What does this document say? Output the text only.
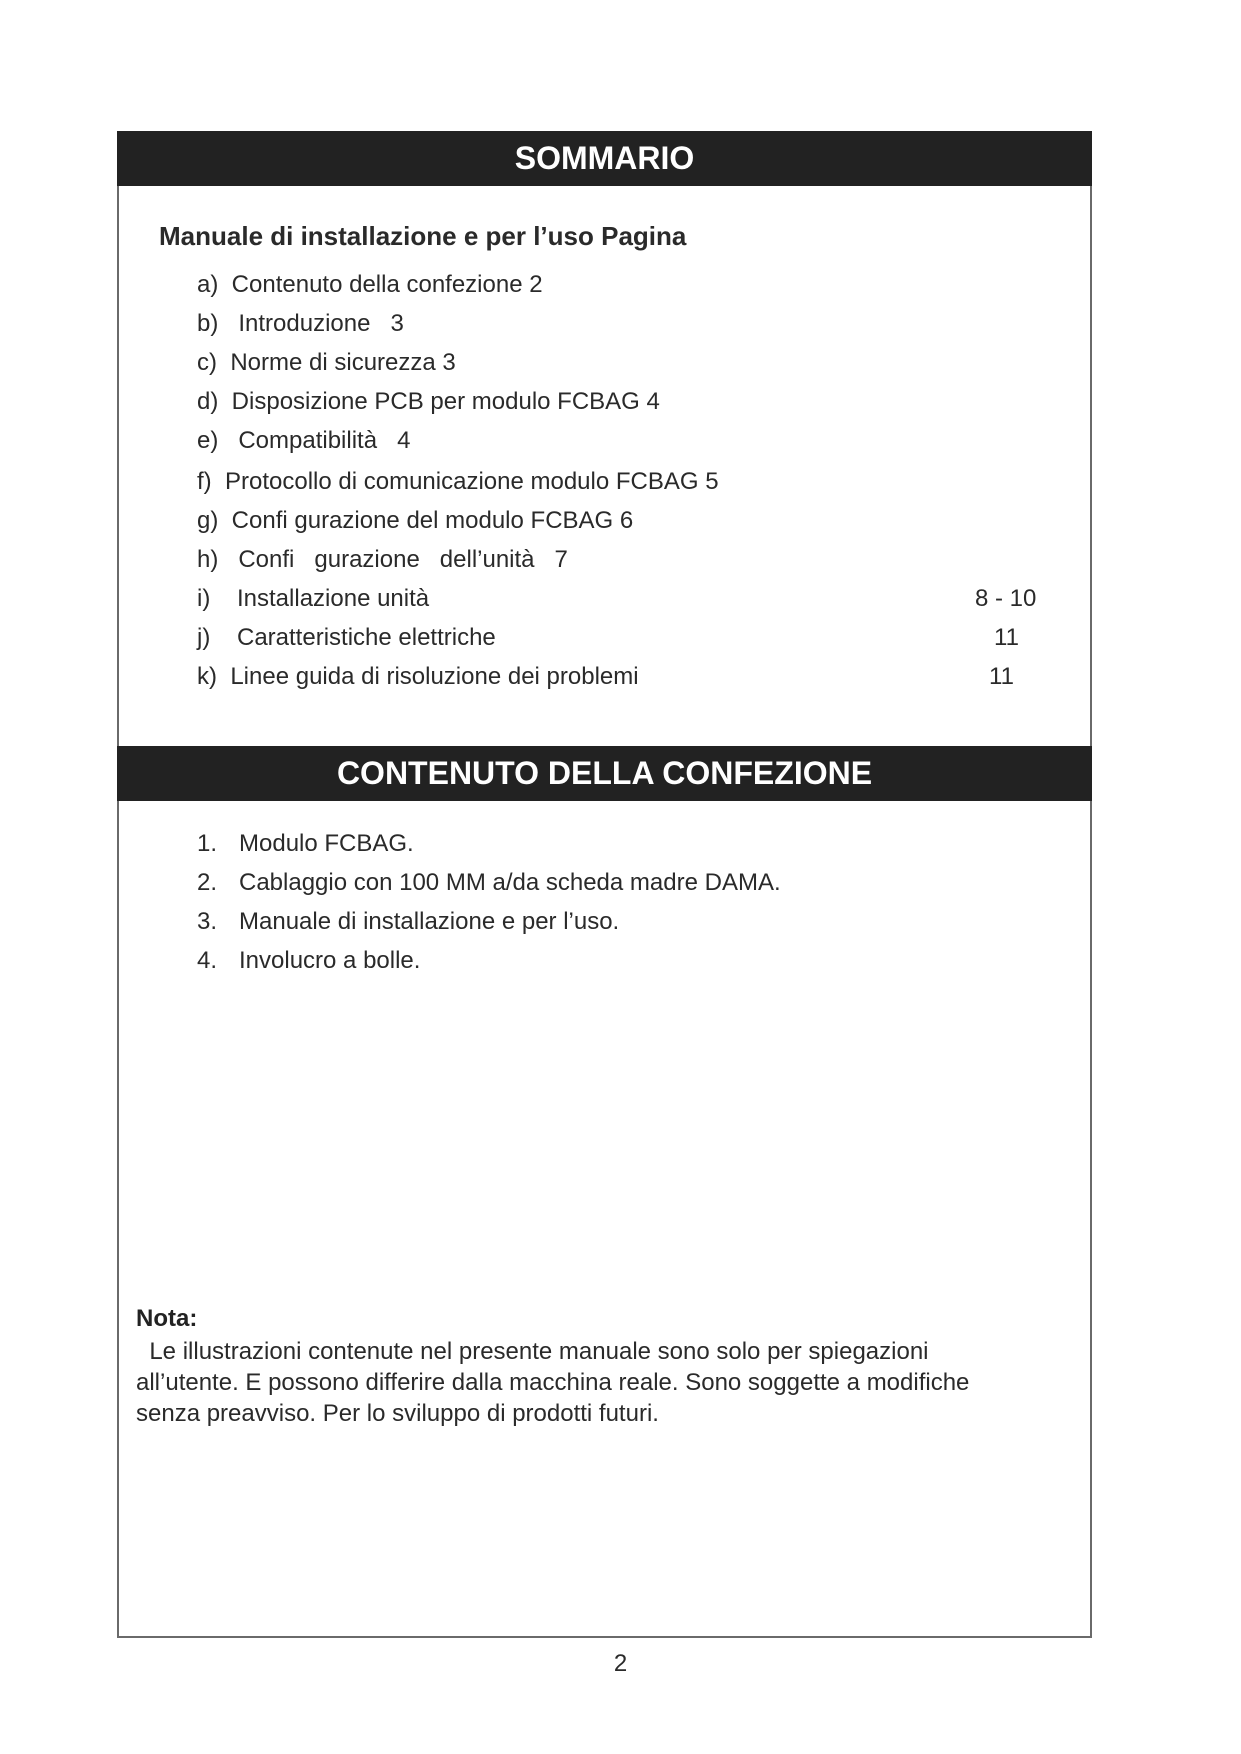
SOMMARIO
Manuale di installazione e per l’uso Pagina
a)  Contenuto della confezione 2
b)   Introduzione   3
c)  Norme di sicurezza 3
d)  Disposizione PCB per modulo FCBAG 4
e)   Compatibilità   4
f)  Protocollo di comunicazione modulo FCBAG 5
g)  Confi gurazione del modulo FCBAG 6
h)   Confi   gurazione   dell’unità   7
i)    Installazione unità	8 - 10
j)    Caratteristiche elettriche	11
k)  Linee guida di risoluzione dei problemi	11
CONTENUTO DELLA CONFEZIONE
1. Modulo FCBAG.
2. Cablaggio con 100 MM a/da scheda madre DAMA.
3. Manuale di installazione e per l’uso.
4. Involucro a bolle.
Nota:
Le illustrazioni contenute nel presente manuale sono solo per spiegazioni
all’utente. E possono differire dalla macchina reale. Sono soggette a modifiche
senza preavviso. Per lo sviluppo di prodotti futuri.
2
